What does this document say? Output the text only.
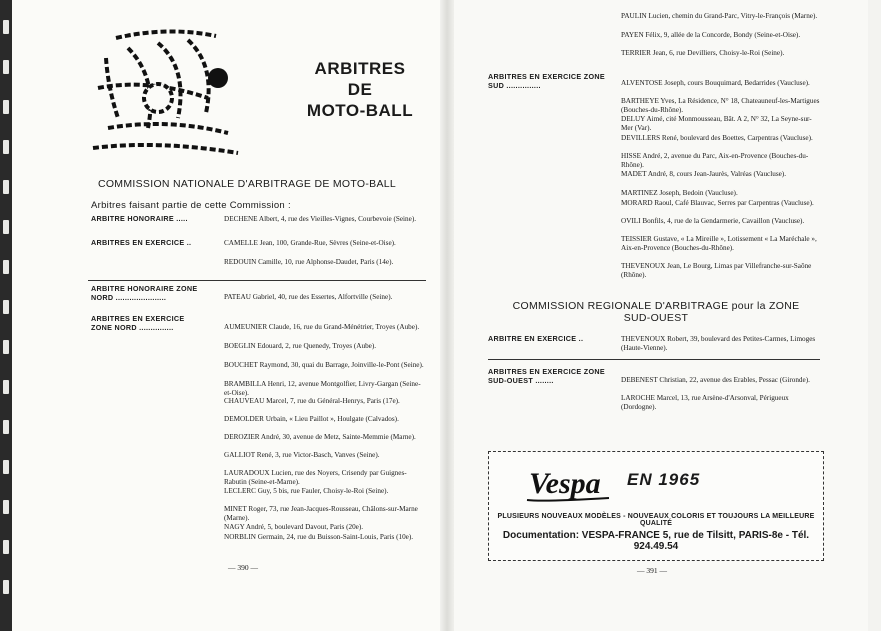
ARBITRES
DE
MOTO-BALL
COMMISSION NATIONALE D'ARBITRAGE DE MOTO-BALL
Arbitres faisant partie de cette Commission :
ARBITRE HONORAIRE .....	DECHENE Albert, 4, rue des Vieilles-Vignes, Courbevoie (Seine).
ARBITRES EN EXERCICE ..	CAMELLE Jean, 100, Grande-Rue, Sèvres (Seine-et-Oise).
REDOUIN Camille, 10, rue Alphonse-Daudet, Paris (14e).
ARBITRE HONORAIRE ZONE NORD ......................	PATEAU Gabriel, 40, rue des Essertes, Alfortville (Seine).
ARBITRES EN EXERCICE ZONE NORD ...............	AUMEUNIER Claude, 16, rue du Grand-Ménétrier, Troyes (Aube).
BOEGLIN Edouard, 2, rue Quenedy, Troyes (Aube).
BOUCHET Raymond, 30, quai du Barrage, Joinville-le-Pont (Seine).
BRAMBILLA Henri, 12, avenue Montgolfier, Livry-Gargan (Seine-et-Oise).
CHAUVEAU Marcel, 7, rue du Général-Henrys, Paris (17e).
DEMOLDER Urbain, « Lieu Paillot », Houlgate (Calvados).
DEROZIER André, 30, avenue de Metz, Sainte-Memmie (Marne).
GALLIOT René, 3, rue Victor-Basch, Vanves (Seine).
LAURADOUX Lucien, rue des Noyers, Crisendy par Guignes-Rabutin (Seine-et-Marne).
LECLERC Guy, 5 bis, rue Fauler, Choisy-le-Roi (Seine).
MINET Roger, 73, rue Jean-Jacques-Rousseau, Châlons-sur-Marne (Marne).
NAGY André, 5, boulevard Davout, Paris (20e).
NORBLIN Germain, 24, rue du Buisson-Saint-Louis, Paris (10e).
— 390 —
PAULIN Lucien, chemin du Grand-Parc, Vitry-le-François (Marne).
PAYEN Félix, 9, allée de la Concorde, Bondy (Seine-et-Oise).
TERRIER Jean, 6, rue Devilliers, Choisy-le-Roi (Seine).
ARBITRES EN EXERCICE ZONE SUD ...............	ALVENTOSE Joseph, cours Bouquimard, Bedarrides (Vaucluse).
BARTHEYE Yves, La Résidence, N° 18, Chateauneuf-les-Martigues (Bouches-du-Rhône).
DELUY Aimé, cité Monmousseau, Bât. A 2, N° 32, La Seyne-sur-Mer (Var).
DEVILLERS René, boulevard des Boettes, Carpentras (Vaucluse).
HISSE André, 2, avenue du Parc, Aix-en-Provence (Bouches-du-Rhône).
MADET André, 8, cours Jean-Jaurès, Valréas (Vaucluse).
MARTINEZ Joseph, Bedoin (Vaucluse).
MORARD Raoul, Café Blauvac, Serres par Carpentras (Vaucluse).
OVILI Bonfils, 4, rue de la Gendarmerie, Cavaillon (Vaucluse).
TEISSIER Gustave, « La Mireille », Lotissement « La Maréchale », Aix-en-Provence (Bouches-du-Rhône).
THEVENOUX Jean, Le Bourg, Limas par Villefranche-sur-Saône (Rhône).
COMMISSION REGIONALE D'ARBITRAGE pour la ZONE
SUD-OUEST
ARBITRE EN EXERCICE ..	THEVENOUX Robert, 39, boulevard des Petites-Carmes, Limoges (Haute-Vienne).
ARBITRES EN EXERCICE ZONE SUD-OUEST ........	DEBENEST Christian, 22, avenue des Erables, Pessac (Gironde).
LAROCHE Marcel, 13, rue Arsène-d'Arsonval, Périgueux (Dordogne).
Vespa EN 1965
PLUSIEURS NOUVEAUX MODÈLES - NOUVEAUX COLORIS ET TOUJOURS LA MEILLEURE QUALITÉ
Documentation: VESPA-FRANCE 5, rue de Tilsitt, PARIS-8e - Tél. 924.49.54
— 391 —
